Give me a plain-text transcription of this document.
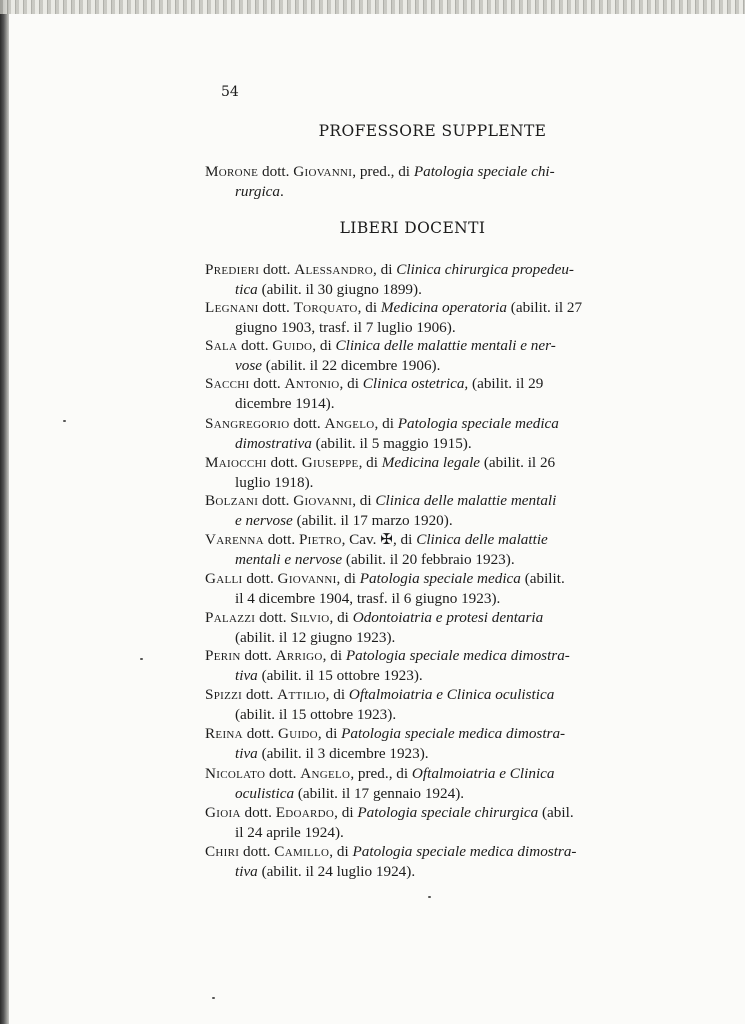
54
PROFESSORE SUPPLENTE
Morone dott. Giovanni, pred., di Patologia speciale chi-
rurgica.
LIBERI DOCENTI
Predieri dott. Alessandro, di Clinica chirurgica propedeu-
tica (abilit. il 30 giugno 1899).
Legnani dott. Torquato, di Medicina operatoria (abilit. il 27
giugno 1903, trasf. il 7 luglio 1906).
Sala dott. Guido, di Clinica delle malattie mentali e ner-
vose (abilit. il 22 dicembre 1906).
Sacchi dott. Antonio, di Clinica ostetrica, (abilit. il 29
dicembre 1914).
Sangregorio dott. Angelo, di Patologia speciale medica
dimostrativa (abilit. il 5 maggio 1915).
Maiocchi dott. Giuseppe, di Medicina legale (abilit. il 26
luglio 1918).
Bolzani dott. Giovanni, di Clinica delle malattie mentali
e nervose (abilit. il 17 marzo 1920).
Varenna dott. Pietro, Cav. ✠, di Clinica delle malattie
mentali e nervose (abilit. il 20 febbraio 1923).
Galli dott. Giovanni, di Patologia speciale medica (abilit.
il 4 dicembre 1904, trasf. il 6 giugno 1923).
Palazzi dott. Silvio, di Odontoiatria e protesi dentaria
(abilit. il 12 giugno 1923).
Perin dott. Arrigo, di Patologia speciale medica dimostra-
tiva (abilit. il 15 ottobre 1923).
Spizzi dott. Attilio, di Oftalmoiatria e Clinica oculistica
(abilit. il 15 ottobre 1923).
Reina dott. Guido, di Patologia speciale medica dimostra-
tiva (abilit. il 3 dicembre 1923).
Nicolato dott. Angelo, pred., di Oftalmoiatria e Clinica
oculistica (abilit. il 17 gennaio 1924).
Gioia dott. Edoardo, di Patologia speciale chirurgica (abil.
il 24 aprile 1924).
Chiri dott. Camillo, di Patologia speciale medica dimostra-
tiva (abilit. il 24 luglio 1924).
